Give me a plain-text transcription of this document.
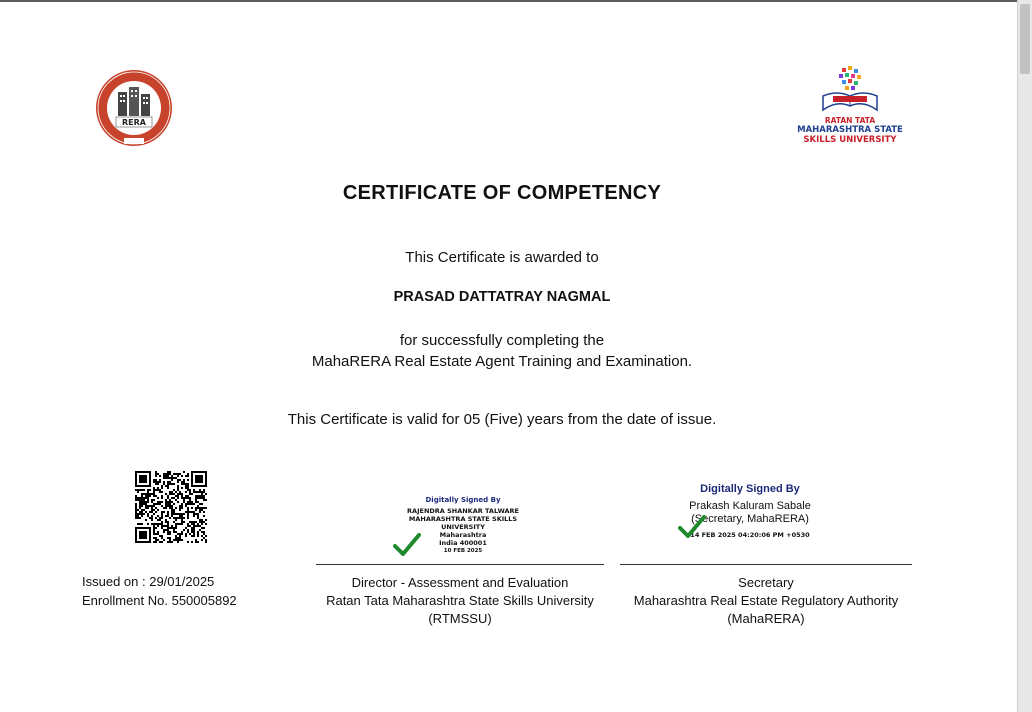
RERA	RATAN TATA
MAHARASHTRA STATE
SKILLS UNIVERSITY
CERTIFICATE OF COMPETENCY
This Certificate is awarded to
PRASAD DATTATRAY NAGMAL
for successfully completing the
MahaRERA Real Estate Agent Training and Examination.
This Certificate is valid for 05 (Five) years from the date of issue.
Issued on : 29/01/2025
Enrollment No. 550005892
Digitally Signed By
RAJENDRA SHANKAR TALWARE
MAHARASHTRA STATE SKILLS
UNIVERSITY
Maharashtra
India 400001
10 FEB 2025
Digitally Signed By
Prakash Kaluram Sabale
(Secretary, MahaRERA)
14 FEB 2025 04:20:06 PM +0530
Director - Assessment and Evaluation
Ratan Tata Maharashtra State Skills University
(RTMSSU)
Secretary
Maharashtra Real Estate Regulatory Authority
(MahaRERA)
